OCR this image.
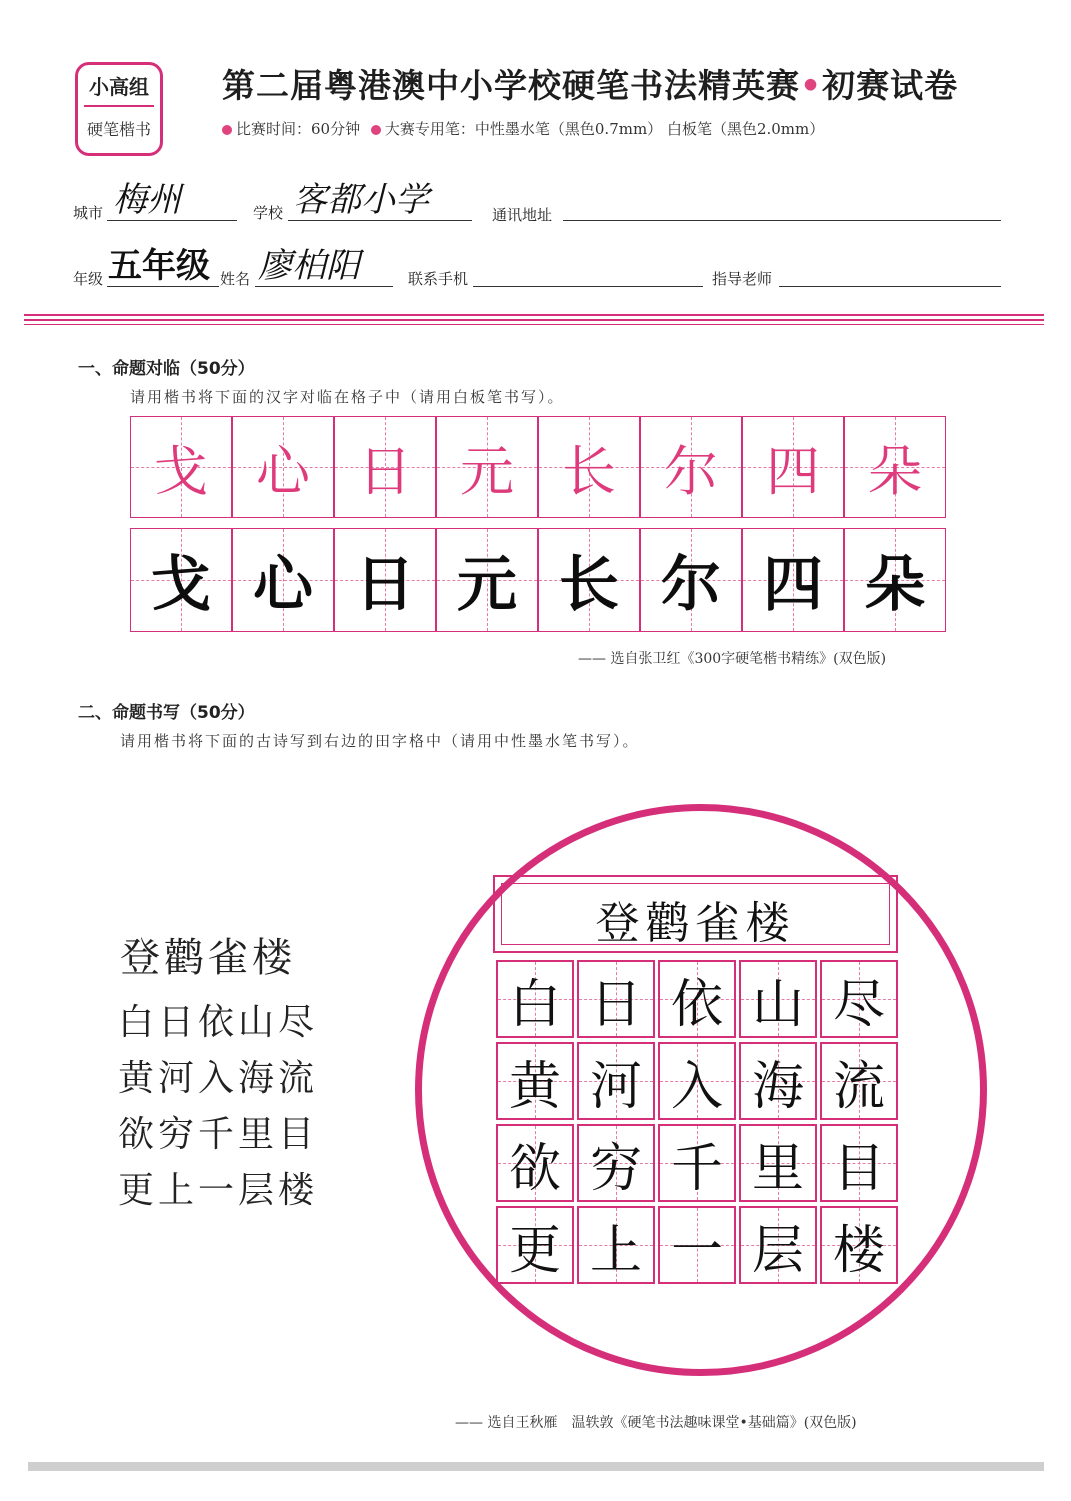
小高组
硬笔楷书
第二届粤港澳中小学校硬笔书法精英赛•初赛试卷
比赛时间：60分钟 大赛专用笔：中性墨水笔（黑色0.7mm） 白板笔（黑色2.0mm）
城市 梅州	学校 客都小学	通讯地址
年级 五年级 姓名 廖柏阳	联系手机	指导老师
一、命题对临（50分）
请用楷书将下面的汉字对临在格子中（请用白板笔书写）。
戈 心 日 元 长 尔 四 朵
戈 心 日 元 长 尔 四 朵
—— 选自张卫红《300字硬笔楷书精练》(双色版)
二、命题书写（50分）
请用楷书将下面的古诗写到右边的田字格中（请用中性墨水笔书写）。
登鹳雀楼
白日依山尽
黄河入海流
欲穷千里目
更上一层楼
登鹳雀楼
白 日 依 山 尽
黄 河 入 海 流
欲 穷 千 里 目
更 上 一 层 楼
—— 选自王秋雁　温轶敦《硬笔书法趣味课堂•基础篇》(双色版)
